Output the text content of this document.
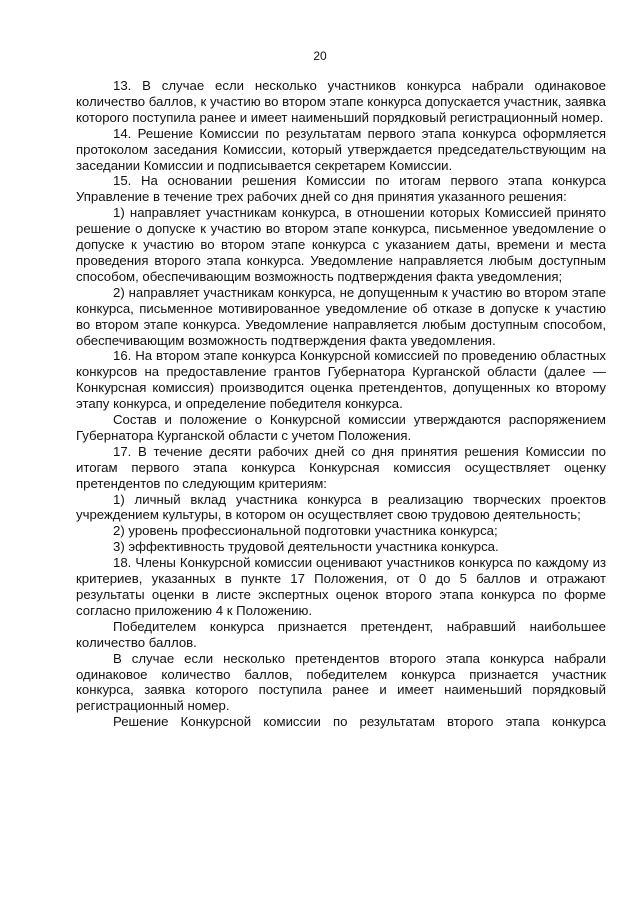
20

13. В случае если несколько участников конкурса набрали одинаковое количество баллов, к участию во втором этапе конкурса допускается участник, заявка которого поступила ранее и имеет наименьший порядковый регистрационный номер.

14. Решение Комиссии по результатам первого этапа конкурса оформляется протоколом заседания Комиссии, который утверждается председательствующим на заседании Комиссии и подписывается секретарем Комиссии.

15. На основании решения Комиссии по итогам первого этапа конкурса Управление в течение трех рабочих дней со дня принятия указанного решения:

1) направляет участникам конкурса, в отношении которых Комиссией принято решение о допуске к участию во втором этапе конкурса, письменное уведомление о допуске к участию во втором этапе конкурса с указанием даты, времени и места проведения второго этапа конкурса. Уведомление направляется любым доступным способом, обеспечивающим возможность подтверждения факта уведомления;

2) направляет участникам конкурса, не допущенным к участию во втором этапе конкурса, письменное мотивированное уведомление об отказе в допуске к участию во втором этапе конкурса. Уведомление направляется любым доступным способом, обеспечивающим возможность подтверждения факта уведомления.

16. На втором этапе конкурса Конкурсной комиссией по проведению областных конкурсов на предоставление грантов Губернатора Курганской области (далее — Конкурсная комиссия) производится оценка претендентов, допущенных ко второму этапу конкурса, и определение победителя конкурса.

Состав и положение о Конкурсной комиссии утверждаются распоряжением Губернатора Курганской области с учетом Положения.

17. В течение десяти рабочих дней со дня принятия решения Комиссии по итогам первого этапа конкурса Конкурсная комиссия осуществляет оценку претендентов по следующим критериям:

1) личный вклад участника конкурса в реализацию творческих проектов учреждением культуры, в котором он осуществляет свою трудовою деятельность;

2) уровень профессиональной подготовки участника конкурса;

3) эффективность трудовой деятельности участника конкурса.

18. Члены Конкурсной комиссии оценивают участников конкурса по каждому из критериев, указанных в пункте 17 Положения, от 0 до 5 баллов и отражают результаты оценки в листе экспертных оценок второго этапа конкурса по форме согласно приложению 4 к Положению.

Победителем конкурса признается претендент, набравший наибольшее количество баллов.

В случае если несколько претендентов второго этапа конкурса набрали одинаковое количество баллов, победителем конкурса признается участник конкурса, заявка которого поступила ранее и имеет наименьший порядковый регистрационный номер.

Решение Конкурсной комиссии по результатам второго этапа конкурса
